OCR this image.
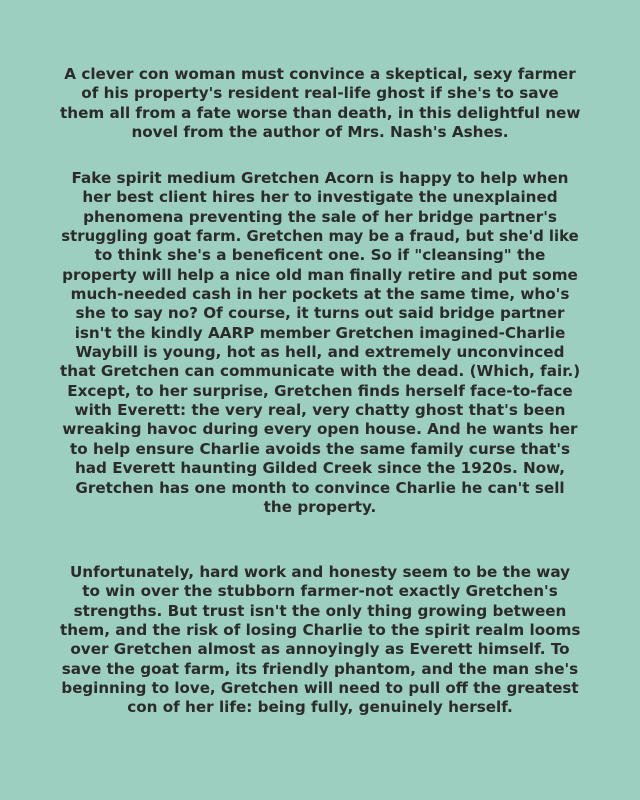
A clever con woman must convince a skeptical, sexy farmer
of his property's resident real-life ghost if she's to save
them all from a fate worse than death, in this delightful new
novel from the author of Mrs. Nash's Ashes.

Fake spirit medium Gretchen Acorn is happy to help when
her best client hires her to investigate the unexplained
phenomena preventing the sale of her bridge partner's
struggling goat farm. Gretchen may be a fraud, but she'd like
to think she's a beneficent one. So if "cleansing" the
property will help a nice old man finally retire and put some
much-needed cash in her pockets at the same time, who's
she to say no? Of course, it turns out said bridge partner
isn't the kindly AARP member Gretchen imagined-Charlie
Waybill is young, hot as hell, and extremely unconvinced
that Gretchen can communicate with the dead. (Which, fair.)
Except, to her surprise, Gretchen finds herself face-to-face
with Everett: the very real, very chatty ghost that's been
wreaking havoc during every open house. And he wants her
to help ensure Charlie avoids the same family curse that's
had Everett haunting Gilded Creek since the 1920s. Now,
Gretchen has one month to convince Charlie he can't sell
the property.

Unfortunately, hard work and honesty seem to be the way
to win over the stubborn farmer-not exactly Gretchen's
strengths. But trust isn't the only thing growing between
them, and the risk of losing Charlie to the spirit realm looms
over Gretchen almost as annoyingly as Everett himself. To
save the goat farm, its friendly phantom, and the man she's
beginning to love, Gretchen will need to pull off the greatest
con of her life: being fully, genuinely herself.
